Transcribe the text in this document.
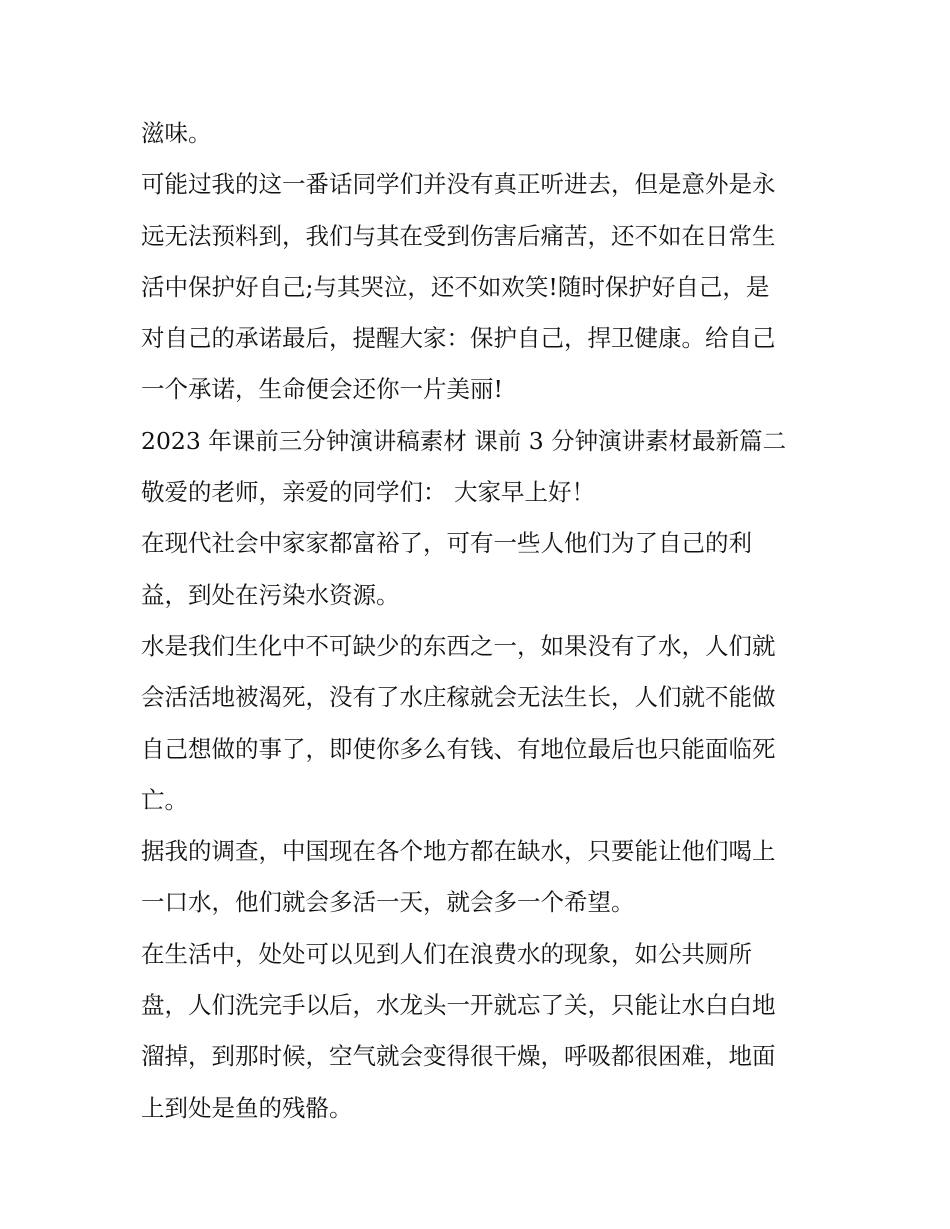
滋味。
可能过我的这一番话同学们并没有真正听进去，但是意外是永
远无法预料到，我们与其在受到伤害后痛苦，还不如在日常生
活中保护好自己;与其哭泣，还不如欢笑!随时保护好自己，是
对自己的承诺最后，提醒大家：保护自己，捍卫健康。给自己
一个承诺，生命便会还你一片美丽!
2023 年课前三分钟演讲稿素材 课前 3 分钟演讲素材最新篇二
敬爱的老师，亲爱的同学们： 大家早上好！
在现代社会中家家都富裕了，可有一些人他们为了自己的利
益，到处在污染水资源。
水是我们生化中不可缺少的东西之一，如果没有了水，人们就
会活活地被渴死，没有了水庄稼就会无法生长，人们就不能做
自己想做的事了，即使你多么有钱、有地位最后也只能面临死
亡。
据我的调查，中国现在各个地方都在缺水，只要能让他们喝上
一口水，他们就会多活一天，就会多一个希望。
在生活中，处处可以见到人们在浪费水的现象，如公共厕所
盘，人们洗完手以后，水龙头一开就忘了关，只能让水白白地
溜掉，到那时候，空气就会变得很干燥，呼吸都很困难，地面
上到处是鱼的残骼。
